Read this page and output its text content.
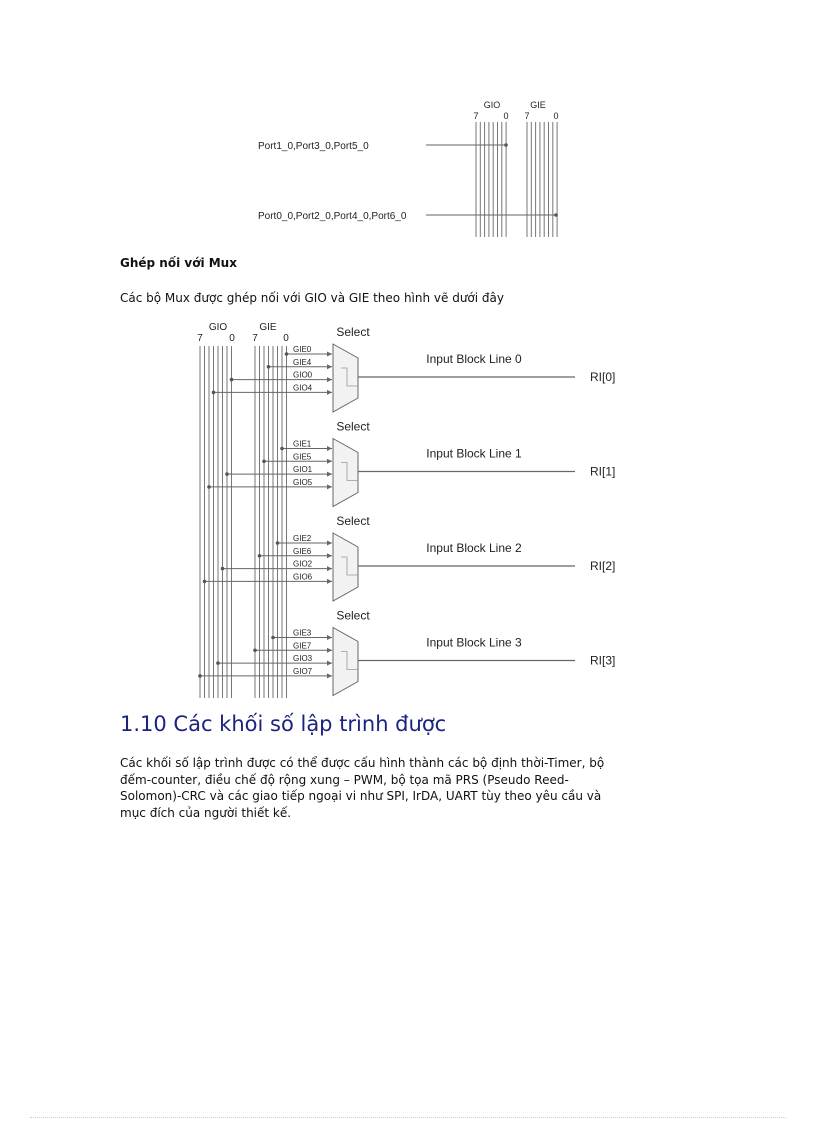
GIO	GIE
7	0 7	0
Port1_0,Port3_0,Port5_0
Port0_0,Port2_0,Port4_0,Port6_0
Ghép nối với Mux

Các bộ Mux được ghép nối với GIO và GIE theo hình vẽ dưới đây

GIO	GIE
7	0 7	0	Select
GIE0
GIE4
GIO0
GIO4
Input Block Line 0
RI[0]
Select
GIE1
GIE5
GIO1
GIO5
Input Block Line 1
RI[1]
Select
GIE2
GIE6
GIO2
GIO6
Input Block Line 2
RI[2]
Select
GIE3
GIE7
GIO3
GIO7
Input Block Line 3
RI[3]
1.10 Các khối số lập trình được
Các khối số lập trình được có thể được cấu hình thành các bộ định thời-Timer, bộ
đếm-counter, điều chế độ rộng xung – PWM, bộ tọa mã PRS (Pseudo Reed-
Solomon)-CRC và các giao tiếp ngoại vi như SPI, IrDA, UART tùy theo yêu cầu và
mục đích của người thiết kế.
